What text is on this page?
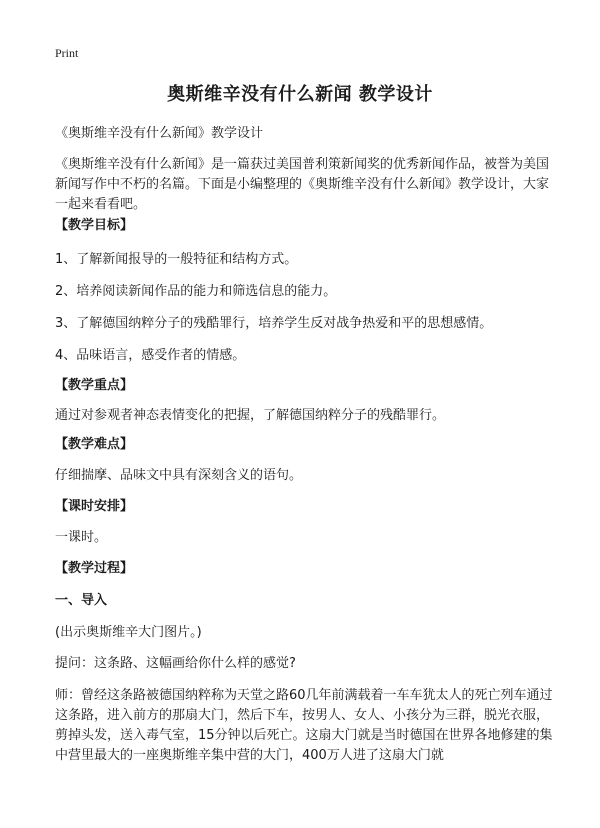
Print
奥斯维辛没有什么新闻 教学设计

《奥斯维辛没有什么新闻》教学设计

《奥斯维辛没有什么新闻》是一篇获过美国普利策新闻奖的优秀新闻作品，被誉为美国新闻写作中不朽的名篇。下面是小编整理的《奥斯维辛没有什么新闻》教学设计，大家一起来看看吧。

【教学目标】

1、了解新闻报导的一般特征和结构方式。

2、培养阅读新闻作品的能力和筛选信息的能力。

3、了解德国纳粹分子的残酷罪行，培养学生反对战争热爱和平的思想感情。

4、品味语言，感受作者的情感。

【教学重点】

通过对参观者神态表情变化的把握，了解德国纳粹分子的残酷罪行。

【教学难点】

仔细揣摩、品味文中具有深刻含义的语句。

【课时安排】

一课时。

【教学过程】

一、导入

(出示奥斯维辛大门图片。)

提问：这条路、这幅画给你什么样的感觉?

师：曾经这条路被德国纳粹称为天堂之路60几年前满载着一车车犹太人的死亡列车通过这条路，进入前方的那扇大门，然后下车，按男人、女人、小孩分为三群，脱光衣服，剪掉头发，送入毒气室，15分钟以后死亡。这扇大门就是当时德国在世界各地修建的集中营里最大的一座奥斯维辛集中营的大门，400万人进了这扇大门就
